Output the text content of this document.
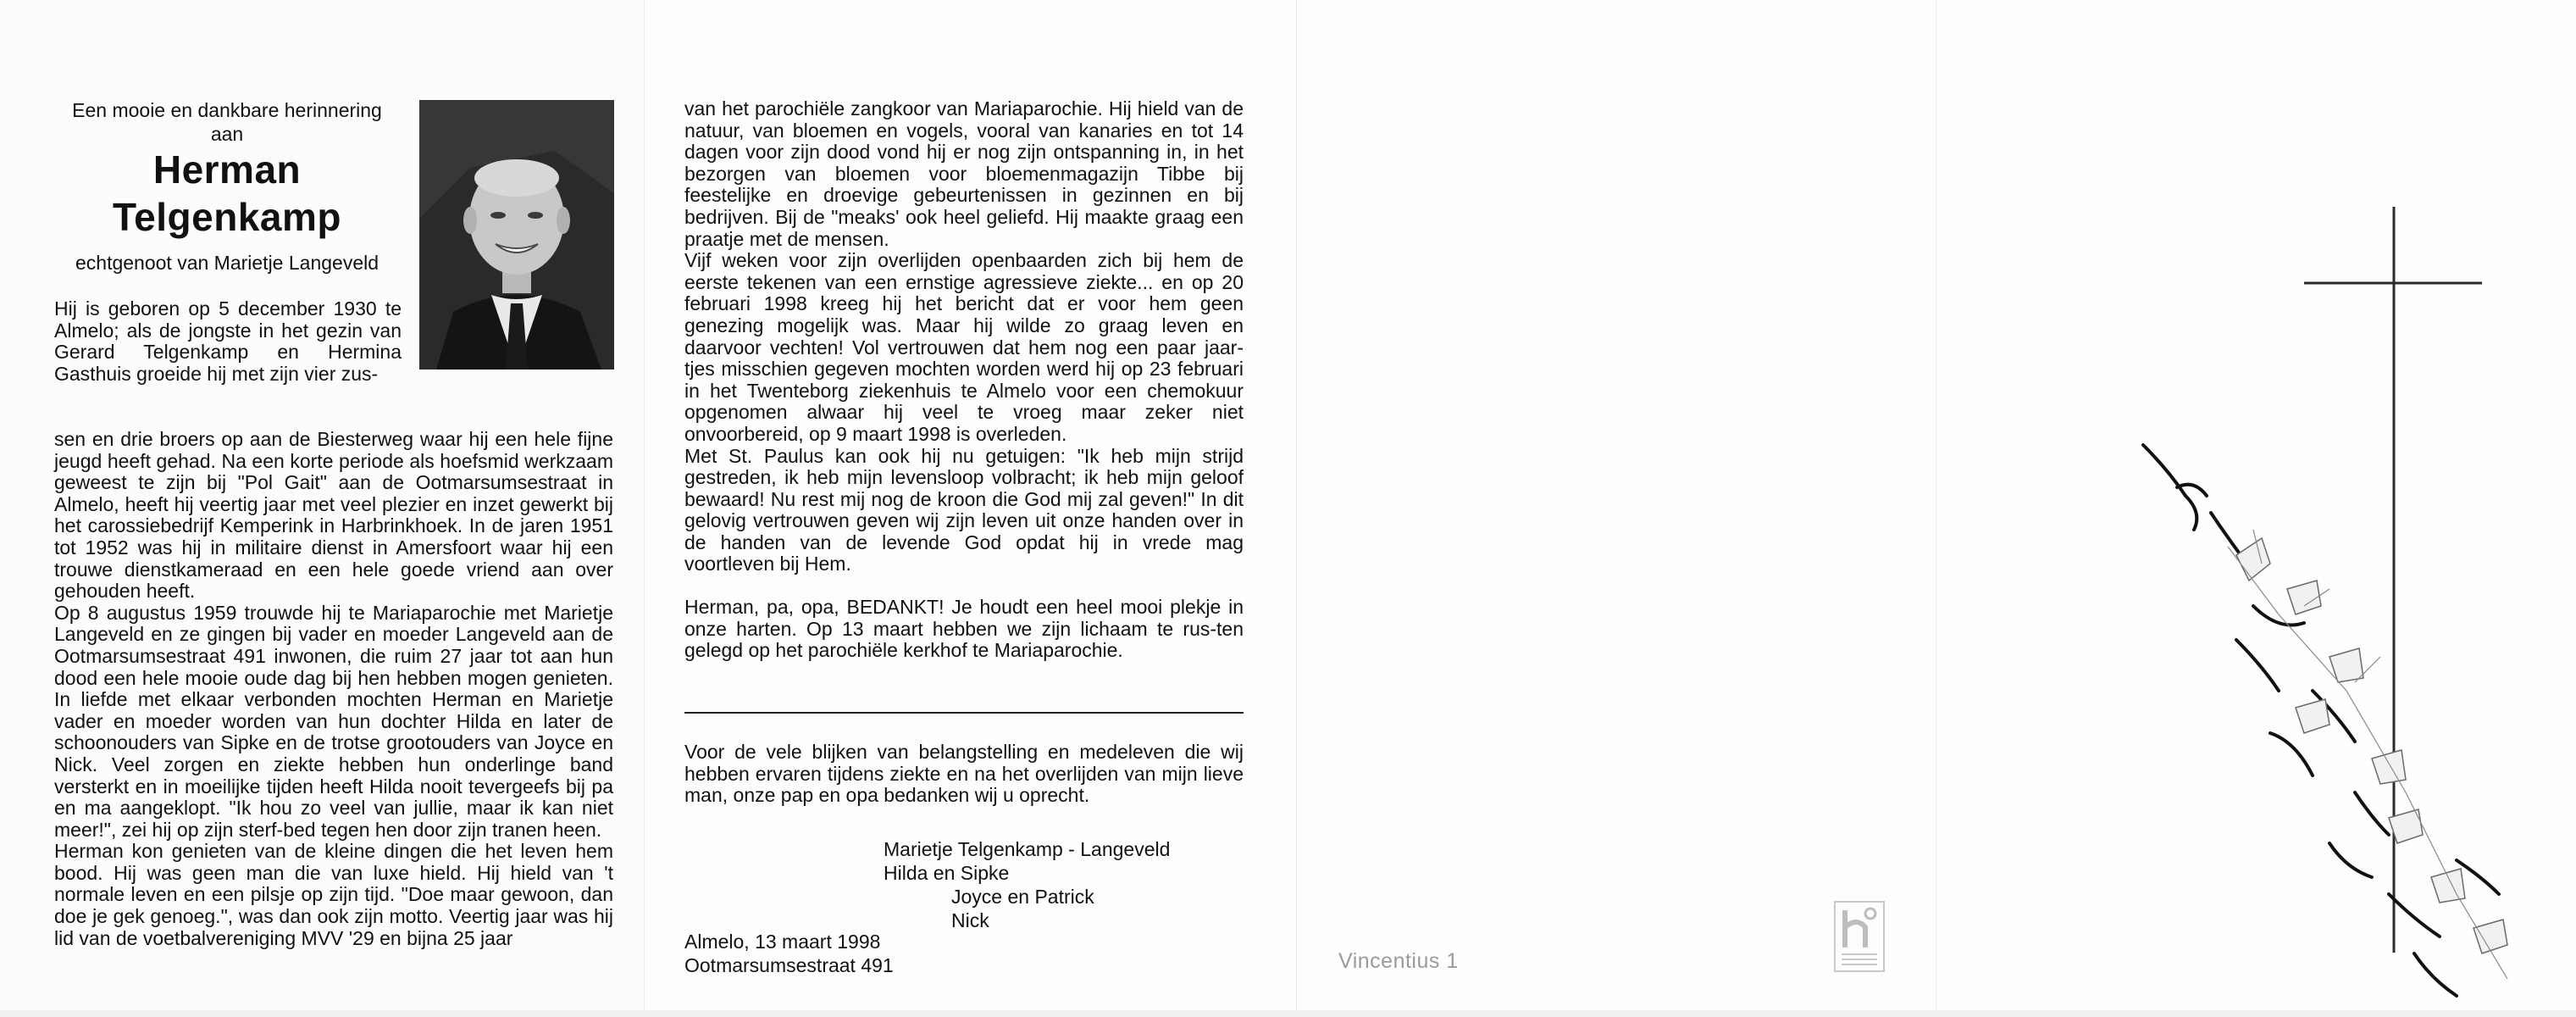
Een mooie en dankbare herinnering
aan
Herman
Telgenkamp
echtgenoot van Marietje Langeveld
Hij is geboren op 5 december 1930 te Almelo; als de jongste in het gezin van Gerard Telgenkamp en Hermina Gasthuis groeide hij met zijn vier zus-

sen en drie broers op aan de Biesterweg waar hij een hele fijne jeugd heeft gehad. Na een korte periode als hoefsmid werkzaam geweest te zijn bij "Pol Gait" aan de Ootmarsumsestraat in Almelo, heeft hij veertig jaar met veel plezier en inzet gewerkt bij het carossiebedrijf Kemperink in Harbrinkhoek. In de jaren 1951 tot 1952 was hij in militaire dienst in Amersfoort waar hij een trouwe dienstkameraad en een hele goede vriend aan over gehouden heeft.

Op 8 augustus 1959 trouwde hij te Mariaparochie met Marietje Langeveld en ze gingen bij vader en moeder Langeveld aan de Ootmarsumsestraat 491 inwonen, die ruim 27 jaar tot aan hun dood een hele mooie oude dag bij hen hebben mogen genieten. In liefde met elkaar verbonden mochten Herman en Marietje vader en moeder worden van hun dochter Hilda en later de schoonouders van Sipke en de trotse grootouders van Joyce en Nick. Veel zorgen en ziekte hebben hun onderlinge band versterkt en in moeilijke tijden heeft Hilda nooit tevergeefs bij pa en ma aangeklopt. "Ik hou zo veel van jullie, maar ik kan niet meer!", zei hij op zijn sterf-bed tegen hen door zijn tranen heen.

Herman kon genieten van de kleine dingen die het leven hem bood. Hij was geen man die van luxe hield. Hij hield van 't normale leven en een pilsje op zijn tijd. "Doe maar gewoon, dan doe je gek genoeg.", was dan ook zijn motto. Veertig jaar was hij lid van de voetbalvereniging MVV '29 en bijna 25 jaar

van het parochiële zangkoor van Mariaparochie. Hij hield van de natuur, van bloemen en vogels, vooral van kanaries en tot 14 dagen voor zijn dood vond hij er nog zijn ontspanning in, in het bezorgen van bloemen voor bloemenmagazijn Tibbe bij feestelijke en droevige gebeurtenissen in gezinnen en bij bedrijven. Bij de "meaks' ook heel geliefd. Hij maakte graag een praatje met de mensen.

Vijf weken voor zijn overlijden openbaarden zich bij hem de eerste tekenen van een ernstige agressieve ziekte... en op 20 februari 1998 kreeg hij het bericht dat er voor hem geen genezing mogelijk was. Maar hij wilde zo graag leven en daarvoor vechten! Vol vertrouwen dat hem nog een paar jaar-tjes misschien gegeven mochten worden werd hij op 23 februari in het Twenteborg ziekenhuis te Almelo voor een chemokuur opgenomen alwaar hij veel te vroeg maar zeker niet onvoorbereid, op 9 maart 1998 is overleden.

Met St. Paulus kan ook hij nu getuigen: "Ik heb mijn strijd gestreden, ik heb mijn levensloop volbracht; ik heb mijn geloof bewaard! Nu rest mij nog de kroon die God mij zal geven!" In dit gelovig vertrouwen geven wij zijn leven uit onze handen over in de handen van de levende God opdat hij in vrede mag voortleven bij Hem.

Herman, pa, opa, BEDANKT! Je houdt een heel mooi plekje in onze harten. Op 13 maart hebben we zijn lichaam te rus-ten gelegd op het parochiële kerkhof te Mariaparochie.

Voor de vele blijken van belangstelling en medeleven die wij hebben ervaren tijdens ziekte en na het overlijden van mijn lieve man, onze pap en opa bedanken wij u oprecht.
Marietje Telgenkamp - Langeveld
Hilda en Sipke
Joyce en Patrick
Nick
Almelo, 13 maart 1998
Ootmarsumsestraat 491	Vincentius 1
